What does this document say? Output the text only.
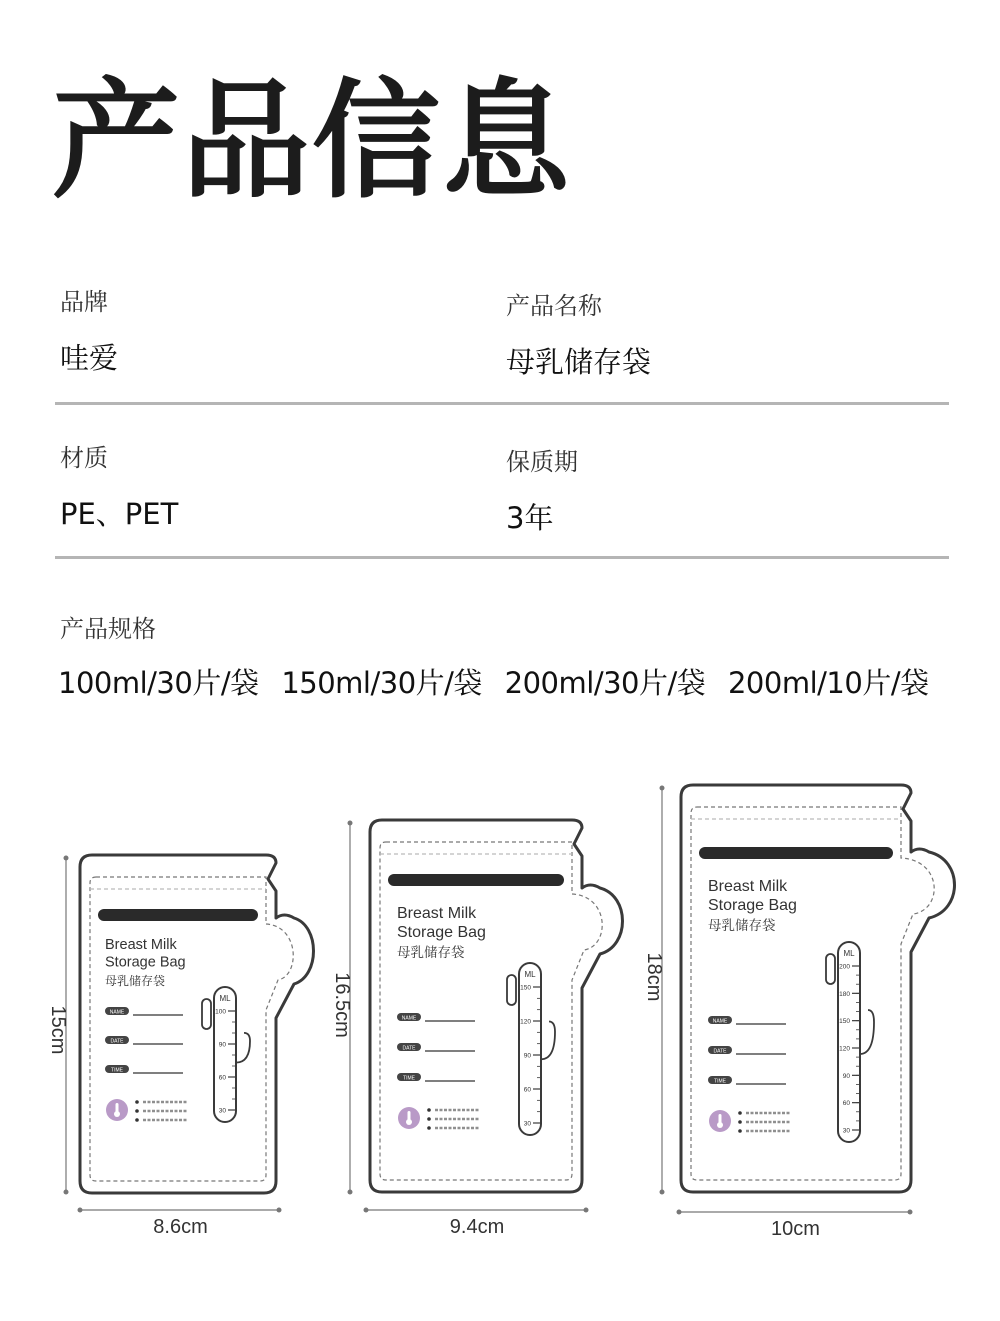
产品信息
品牌
哇爱
产品名称
母乳储存袋
材质
PE、PET
保质期
3年
产品规格
100ml/30片/袋 150ml/30片/袋 200ml/30片/袋 200ml/10片/袋
Breast Milk
Storage Bag
母乳储存袋
NAME
DATE
TIME
ML
100
90
60
30
15cm
8.6cm
Breast Milk
Storage Bag
母乳储存袋
NAME
DATE
TIME
ML
150
120
90
60
30
16.5cm
9.4cm
Breast Milk
Storage Bag
母乳储存袋
NAME
DATE
TIME
ML
200
180
150
120
90
60
30
18cm
10cm
